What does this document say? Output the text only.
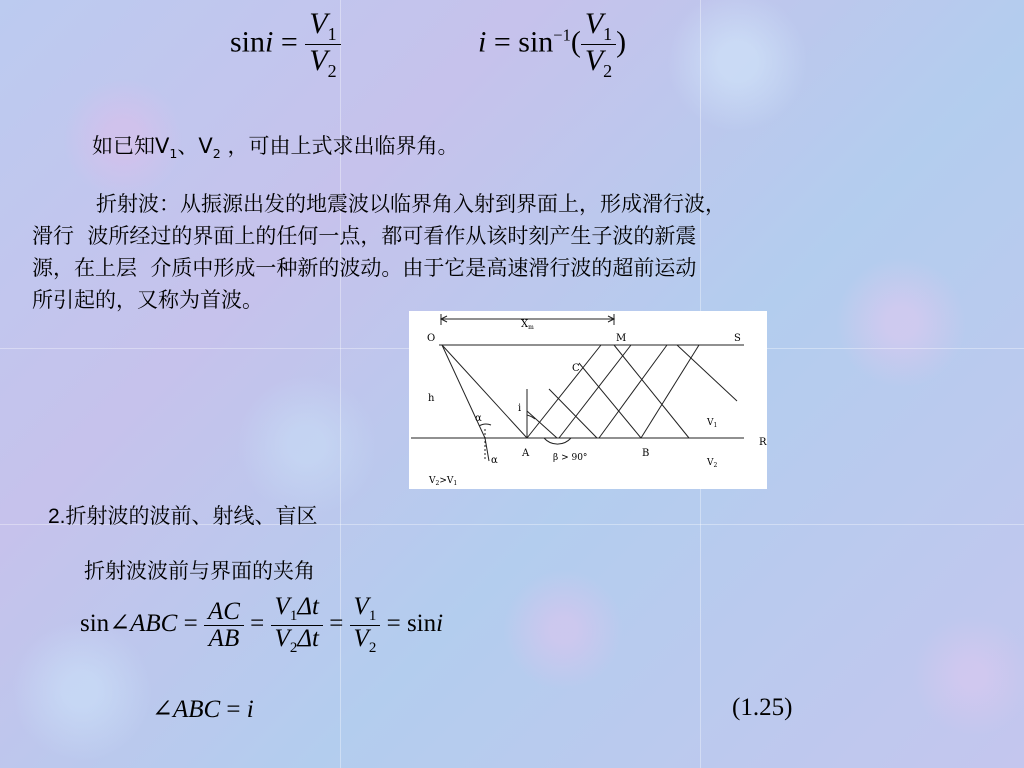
$\sin i = \frac{V_1}{V_2}$	$i = \sin^{-1}( \frac{V_1}{V_2}$ )
如已知$V_1$、$V_2$ ，可由上式求出临界角。
折射波：从振源出发的地震波以临界角入射到界面上，形成滑行波，
滑行  波所经过的界面上的任何一点，都可看作从该时刻产生子波的新震
源，在上层  介质中形成一种新的波动。由于它是高速滑行波的超前运动
所引起的，又称为首波。
O
$X_m$
M	S
C
h
i
α
α
A	β > 90°	B
R
$V_1$
$V_2$
$V_2>V_1$
2.折射波的波前、射线、盲区
折射波波前与界面的夹角
sin∠ABC = $\frac{AC}{AB} = \frac{V_1\Delta t}{V_2\Delta t} = \frac{V_1}{V_2} = \sin i$
∠ABC = i	(1.25)
